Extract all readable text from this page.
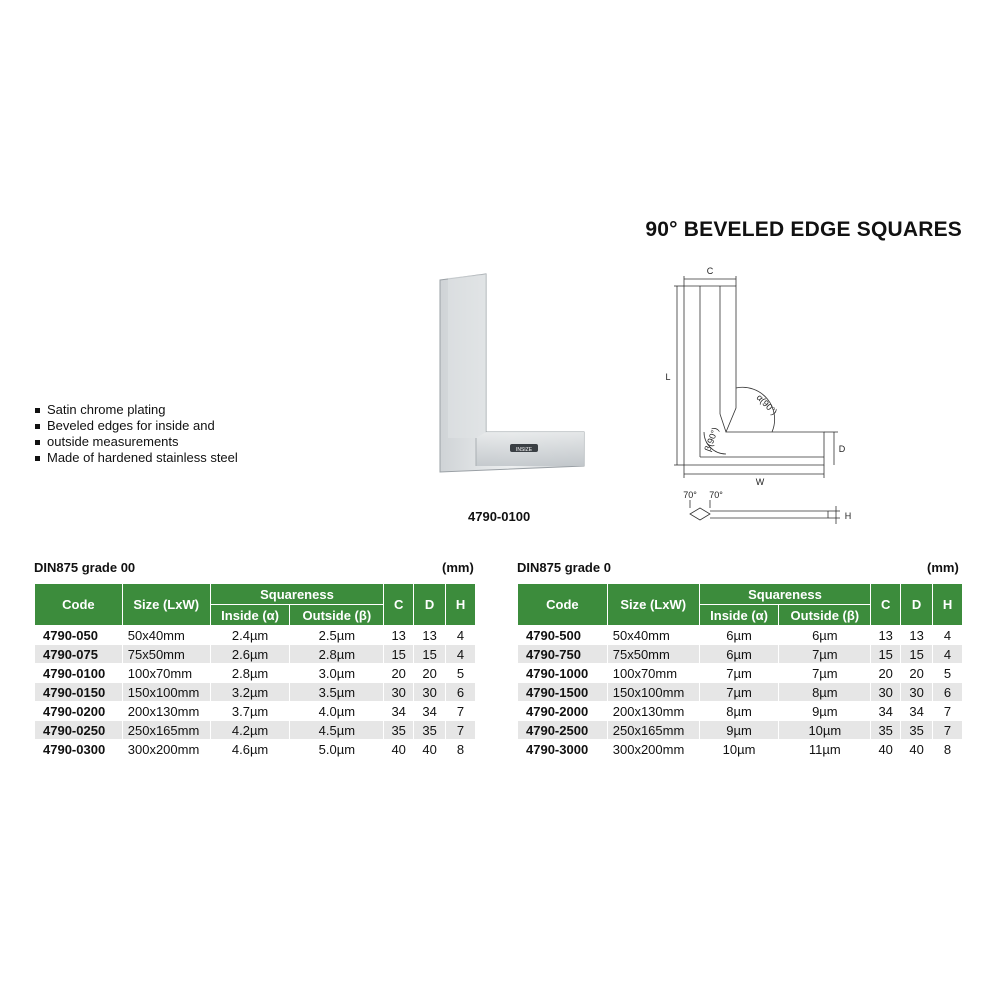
90° BEVELED EDGE SQUARES
Satin chrome plating
Beveled edges for inside and
outside measurements
Made of hardened stainless steel	INSIZE
4790-0100
C
L
W
D
H
α(90°)
β(90°)
70° 70°
DIN875 grade 00	(mm)
Code	Size (LxW)	Squareness		C	D	H
		Inside (α)	Outside (β)			
4790-050	50x40mm	2.4µm	2.5µm	13	13	4
4790-075	75x50mm	2.6µm	2.8µm	15	15	4
4790-0100	100x70mm	2.8µm	3.0µm	20	20	5
4790-0150	150x100mm	3.2µm	3.5µm	30	30	6
4790-0200	200x130mm	3.7µm	4.0µm	34	34	7
4790-0250	250x165mm	4.2µm	4.5µm	35	35	7
4790-0300	300x200mm	4.6µm	5.0µm	40	40	8
DIN875 grade 0	(mm)
Code	Size (LxW)	Squareness		C	D	H
		Inside (α)	Outside (β)			
4790-500	50x40mm	6µm	6µm	13	13	4
4790-750	75x50mm	6µm	7µm	15	15	4
4790-1000	100x70mm	7µm	7µm	20	20	5
4790-1500	150x100mm	7µm	8µm	30	30	6
4790-2000	200x130mm	8µm	9µm	34	34	7
4790-2500	250x165mm	9µm	10µm	35	35	7
4790-3000	300x200mm	10µm	11µm	40	40	8
